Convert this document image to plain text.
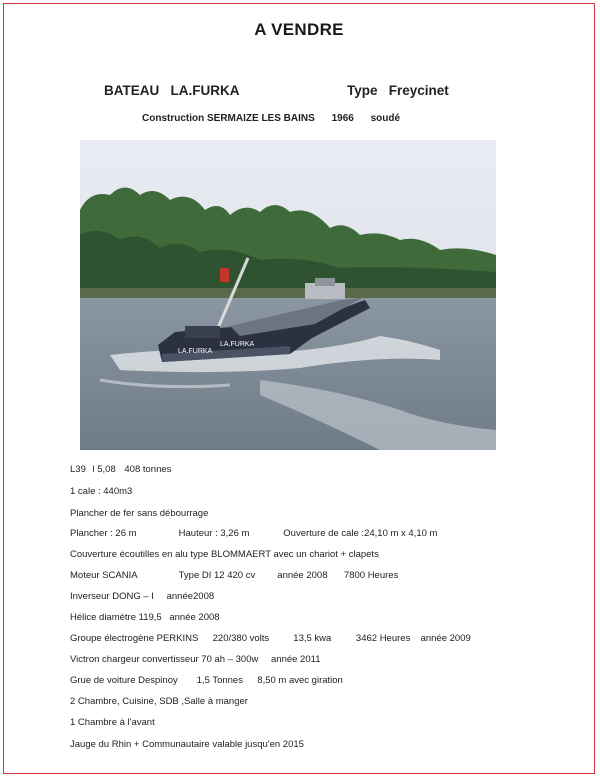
A VENDRE
BATEAU LA.FURKA	Type Freycinet
Construction SERMAIZE LES BAINS 1966 soudé
LA.FURKA
LA.FURKA
L39 l 5,08 408 tonnes
1 cale : 440m3
Plancher de fer sans débourrage
Plancher : 26 m	Hauteur : 3,26 m	Ouverture de cale :24,10 m x 4,10 m
Couverture écoutilles en alu type BLOMMAERT avec un chariot + clapets
Moteur SCANIA	Type DI 12 420 cv année 2008 7800 Heures
Inverseur DONG – I année2008
Hélice diamètre 119,5 année 2008
Groupe électrogène PERKINS 220/380 volts	13,5 kwa	3462 Heures année 2009
Victron chargeur convertisseur 70 ah – 300w année 2011
Grue de voiture Despinoy 1,5 Tonnes 8,50 m avec giration
2 Chambre, Cuisine, SDB ,Salle à manger
1 Chambre à l'avant
Jauge du Rhin + Communautaire valable jusqu'en 2015
